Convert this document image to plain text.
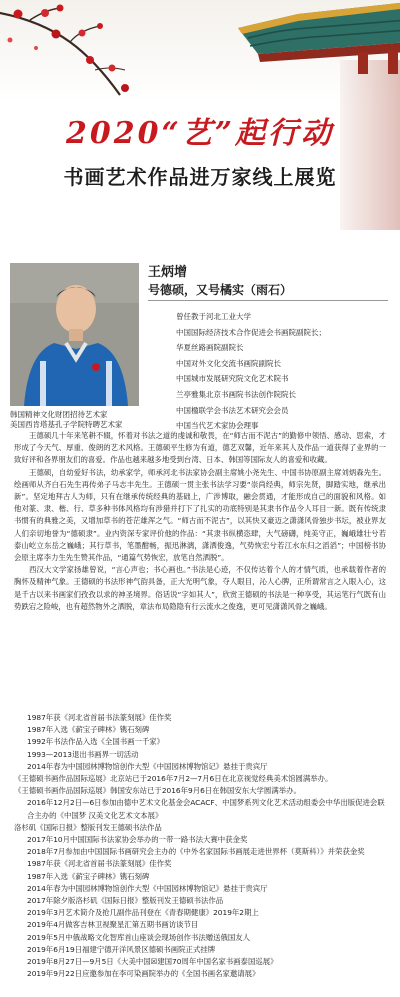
2020“艺”起行动
书画艺术作品进万家线上展览
王炳增
号德硕，又号橘实（雨石）
曾任教于河北工业大学
中国国际经济技术合作促进会书画院副院长；
华夏丝路画院副院长
中国对外文化交流书画院副院长
中国城市发展研究院文化艺术院书
兰亭雅集北京书画院书法创作院院长
中国楹联学会书法艺术研究会会员
中国当代艺术家协会理事
韩国精神文化财团招待艺术家
美国西肯塔基孔子学院特聘艺术家

王德硕几十年来笔耕不辍，怀着对书法之道的虔诚和敬畏，在“师古而不泥古”的勤修中领悟、感动、思索，才形成了今天气、厚重、俊朗的艺术风格。王德硕平生修为有道，德艺双馨，近年来其人及作品一道获得了业界的一致好评和各界朋友们的喜爱。作品也越来越多地受到台湾、日本、韩国等国际友人的喜爱和收藏。

王德硕，自幼爱好书法，幼承家学，师承河北书法家协会副主席姚小尧先生、中国书协原副主席刘炳森先生。绘画师从齐白石先生再传弟子马志丰先生。王德硕一贯主张书法学习要“崇尚经典，师宗先贤，脚踏实地，继承出新”。坚定地拜古人为师，只有在继承传统经典的基础上，广涉博取，融会贯通，才能形成自己的面貌和风格。如他对篆、隶、楷、行、草多种书体风格均有涉猎并打下了扎实的功底特别是其隶书作品令人耳目一新。既有传统隶书惯有的典雅之美，又增加草书的苍茫雄浑之气。“师古而不泥古”，以其快又豪迈之潇潇风骨独步书坛，被业界友人们亲切地誉为“德硕隶”。业内资深专家评价他的作品：“其隶书纵横恣肆，大气磅礴，纯美守正，巍峨雄壮兮若泰山屹立东岳之巍峨；其行草书，笔墨酣畅，振迅淋漓，潇洒俊逸，气势恢宏兮若江水东归之滔滔”；中国榜书协会原主席李力生先生赞其作品，“通篇气势恢宏，放笔自然洒脱”。

西汉大文学家扬雄曾说，“言心声也；书心画也。”书法是心迹，不仅传达着个人的才情气质，也承载着作者的胸怀及精神气象。王德硕的书法形神气韵具备，正大光明气象，夺人眼目，沁人心脾，正所谓常言之入眼入心，这是千古以来书画家们孜孜以求的神圣境界。俗话说“字如其人”，欣赏王德硕的书法是一种享受，其运笔行气既有山势跌宕之险峻，也有超然物外之洒脱，章法布局隐隐有行云流水之俊逸，更可见潇潇风骨之巍峨。

1987年获《河北省首届书法篆刻展》佳作奖
1987年入选《薪宝子碑林》镌石刻碑
1992年书法作品入选《全国书画一千家》
1993—2013退出书画界一切活动
2014年春为中国园林博物馆创作大型《中国园林博物馆记》悬挂于贵宾厅
《王德硕书画作品国际巡展》北京站已于2016年7月2—7月6日在北京视觉经典美术馆圆满举办。
《王德硕书画作品国际巡展》韩国安东站已于2016年9月6日在韩国安东大学圆满举办。
2016年12月2日—6日参加由德中艺术文化基金会ACACF、中国梦系列文化艺术活动组委会中华出版促进会联合主办的《中国梦 汉美文化艺术文本展》
洛杉矶《国际日报》整版刊发王德硕书法作品
2017年10月中国国际书法家协会举办的一带一路书法大赛中获金奖
2018年7月参加由中国国际书画研究会主办的《中外名家国际书画展走进世界杯（莫斯科）》并荣获金奖
1987年获《河北省首届书法篆刻展》佳作奖
1987年入选《薪宝子碑林》镌石刻碑
2014年春为中国园林博物馆创作大型《中国园林博物馆记》悬挂于贵宾厅
2017年除夕版洛杉矶《国际日报》整版刊发王德硕书法作品
2019年3月艺术简介及抢几副作品刊登在《青春期健康》2019年2期上
2019年4月做客吉林卫视聚星汇第五期书画访谈节目
2019年5月中俄战略文化智库首山座谈会现场创作书法赠送俄国友人
2019年6月19日福建宁德开洋风景区德硕书画院正式挂牌
2019年8月27日—9月5日《大美中国☒建国70周年中国名家书画泰国巡展》
2019年9月22日应邀参加在李可染画院举办的《全国书画名家邀请展》
